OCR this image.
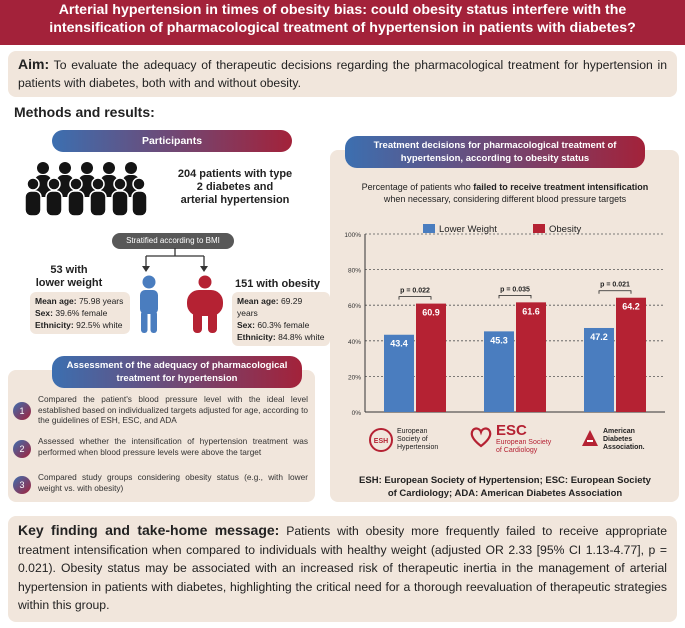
Arterial hypertension in times of obesity bias: could obesity status interfere with the
intensification of pharmacological treatment of hypertension in patients with diabetes?
Aim: To evaluate the adequacy of therapeutic decisions regarding the pharmacological treatment for hypertension in patients with diabetes, both with and without obesity.
Methods and results:
Participants
204 patients with type
2 diabetes and
arterial hypertension
Stratified according to BMI
53 with
lower weight	151 with obesity
Mean age: 75.98 years
Sex: 39.6% female
Ethnicity: 92.5% white
Mean age: 69.29 years
Sex: 60.3% female
Ethnicity: 84.8% white
Assessment of the adequacy of pharmacological
treatment for hypertension
1
Compared the patient's blood pressure level with the ideal level established based on individualized targets adjusted for age, according to the guidelines of ESH, ESC, and ADA
2
Assessed whether the intensification of hypertension treatment was performed when blood pressure levels were above the target
3
Compared study groups considering obesity status (e.g., with lower weight vs. with obesity)
Treatment decisions for pharmacological treatment of
hypertension, according to obesity status
Percentage of patients who failed to receive treatment intensification
when necessary, considering different blood pressure targets
0%
20%
40%
60%
80%
100%
Lower Weight	Obesity
43.4
60.9
p = 0.022
45.3
61.6
p = 0.035
47.2
64.2
p = 0.021
ESH
European
Society of
Hypertension
ESC
European Society
of Cardiology
American
Diabetes
Association.
ESH: European Society of Hypertension; ESC: European Society
of Cardiology; ADA: American Diabetes Association
Key finding and take-home message: Patients with obesity more frequently failed to receive appropriate treatment intensification when compared to individuals with healthy weight (adjusted OR 2.33 [95% CI 1.13-4.77], p = 0.021). Obesity status may be associated with an increased risk of therapeutic inertia in the management of arterial hypertension in patients with diabetes, highlighting the critical need for a thorough reevaluation of therapeutic strategies within this group.
